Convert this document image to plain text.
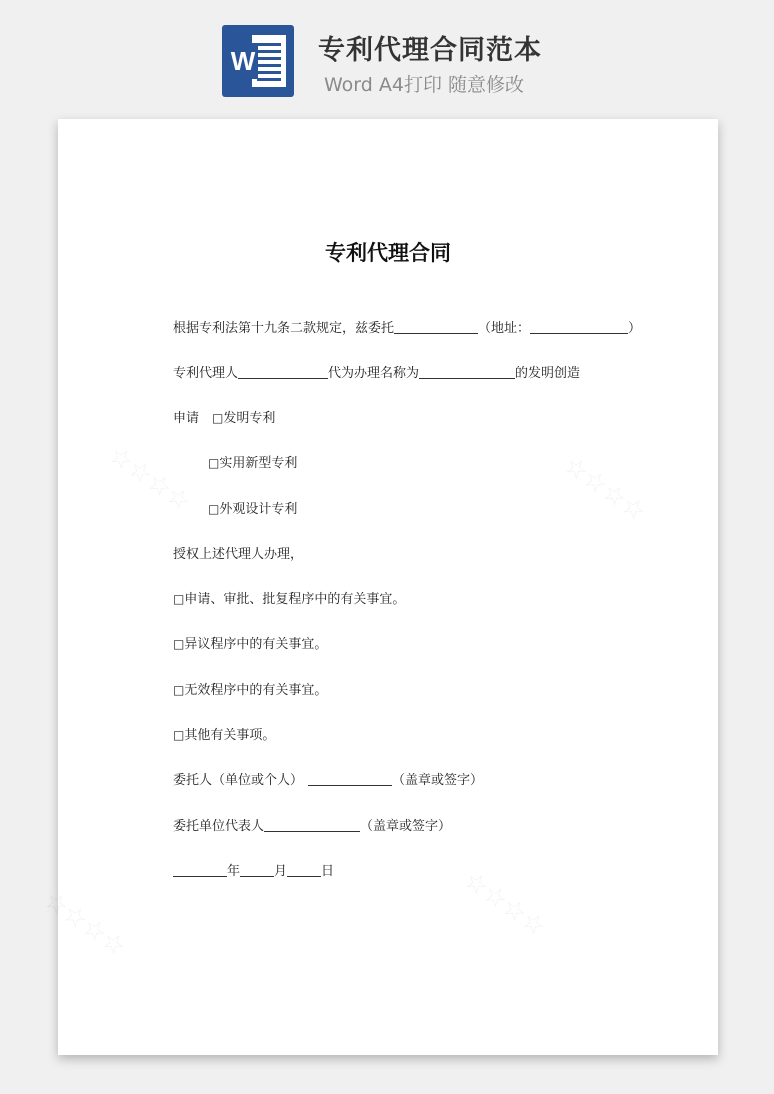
W 专利代理合同范本
Word A4打印 随意修改
☆☆☆☆	☆☆☆☆
☆☆☆☆	☆☆☆☆
专利代理合同
根据专利法第十九条二款规定，兹委托	（地址：	）
专利代理人	代为办理名称为	的发明创造
申请 □发明专利
□实用新型专利
□外观设计专利
授权上述代理人办理，
□申请、审批、批复程序中的有关事宜。
□异议程序中的有关事宜。
□无效程序中的有关事宜。
□其他有关事项。
委托人（单位或个人）	（盖章或签字）
委托单位代表人	（盖章或签字）
年	月	日
